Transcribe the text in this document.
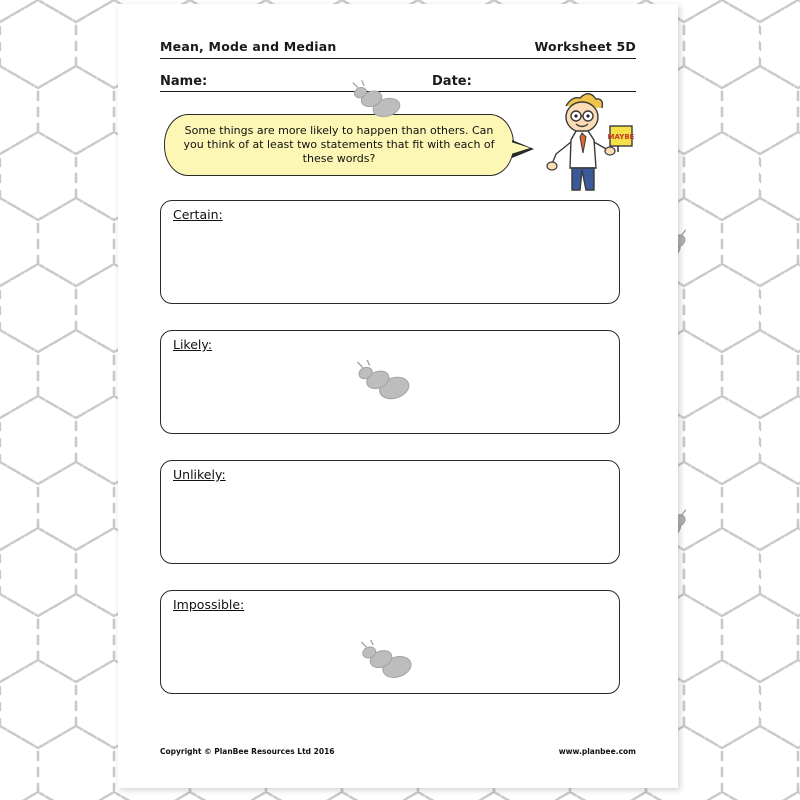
Mean, Mode and Median	Worksheet 5D
Name:	Date:
Some things are more likely to happen than others. Can you think of at least two statements that fit with each of these words?
MAYBE
Certain:
Likely:
Unlikely:
Impossible:
Copyright © PlanBee Resources Ltd 2016	www.planbee.com
